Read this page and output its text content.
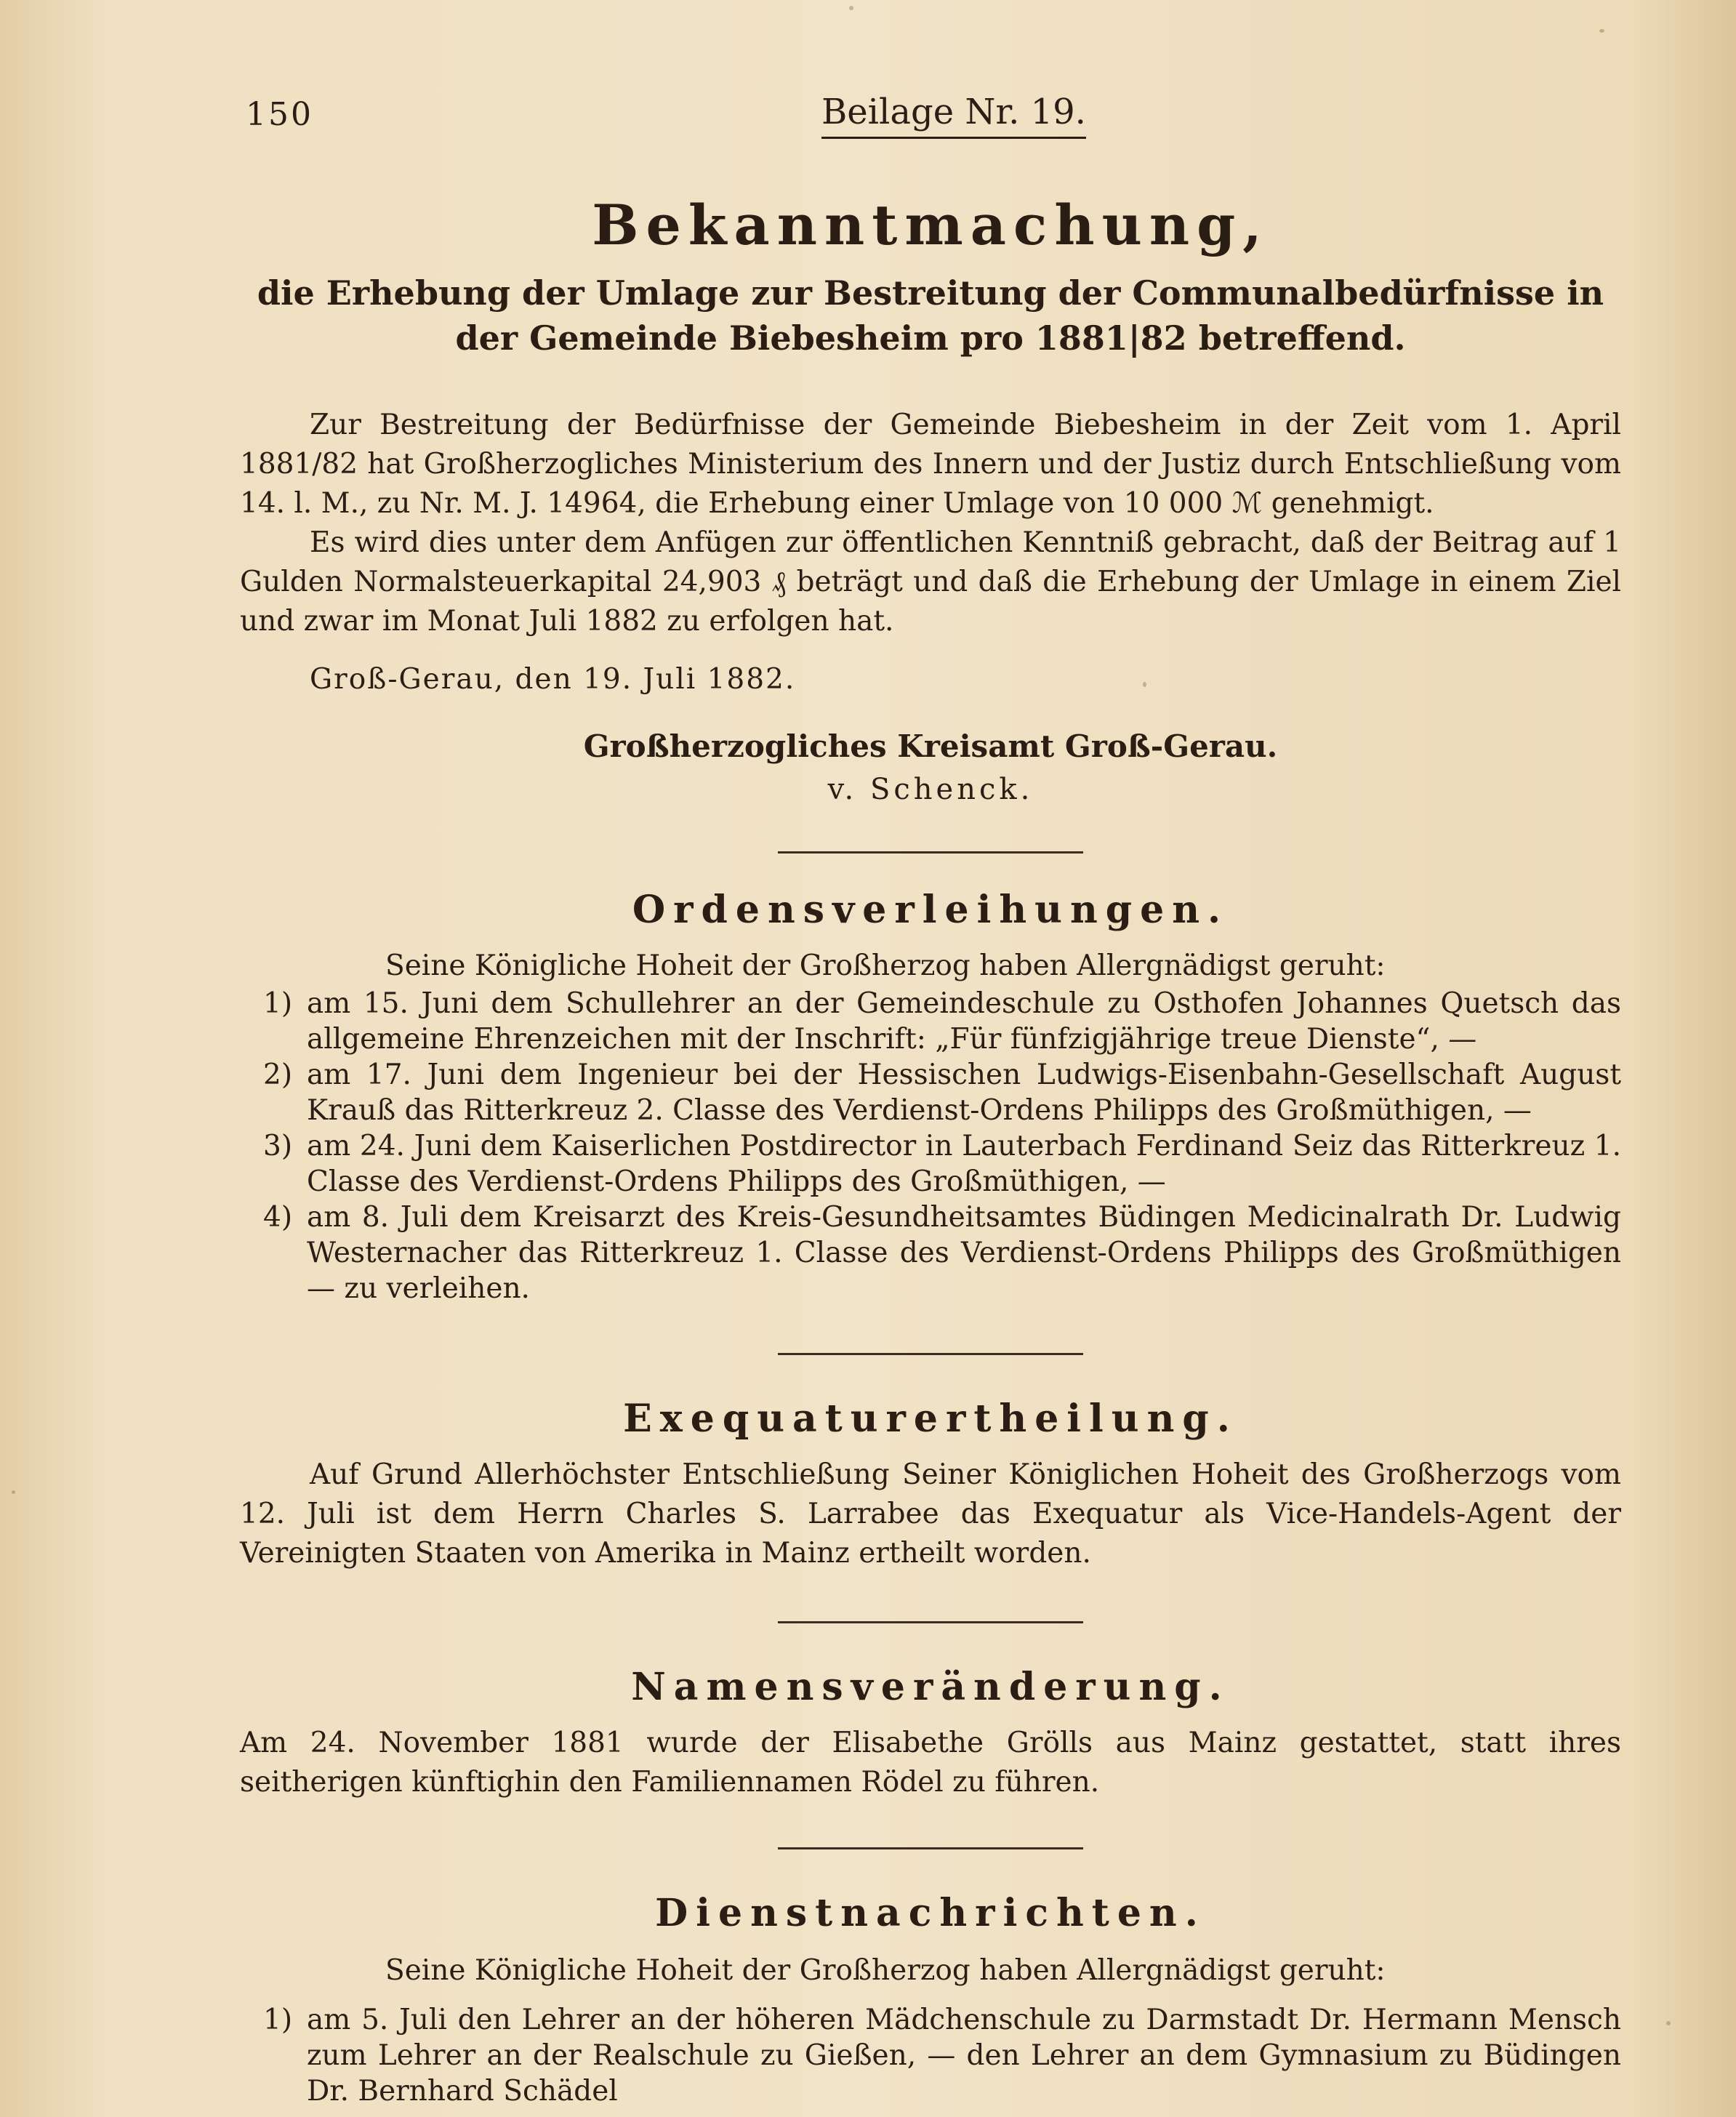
150	Beilage Nr. 19.
Bekanntmachung,
die Erhebung der Umlage zur Bestreitung der Communalbedürfnisse in der Gemeinde Biebesheim pro 1881|82 betreffend.

Zur Bestreitung der Bedürfnisse der Gemeinde Biebesheim in der Zeit vom 1. April 1881/82 hat Großherzogliches Ministerium des Innern und der Justiz durch Entschließung vom 14. l. M., zu Nr. M. J. 14964, die Erhebung einer Umlage von 10 000 ℳ genehmigt.

Es wird dies unter dem Anfügen zur öffentlichen Kenntniß gebracht, daß der Beitrag auf 1 Gulden Normalsteuerkapital 24,903 ₰ beträgt und daß die Erhebung der Umlage in einem Ziel und zwar im Monat Juli 1882 zu erfolgen hat.

Groß-Gerau, den 19. Juli 1882.

Großherzogliches Kreisamt Groß-Gerau.
v. Schenck.
Ordensverleihungen.

Seine Königliche Hoheit der Großherzog haben Allergnädigst geruht:

1) am 15. Juni dem Schullehrer an der Gemeindeschule zu Osthofen Johannes Quetsch das allgemeine Ehrenzeichen mit der Inschrift: „Für fünfzigjährige treue Dienste“, —
2) am 17. Juni dem Ingenieur bei der Hessischen Ludwigs-Eisenbahn-Gesellschaft August Krauß das Ritterkreuz 2. Classe des Verdienst-Ordens Philipps des Großmüthigen, —
3) am 24. Juni dem Kaiserlichen Postdirector in Lauterbach Ferdinand Seiz das Ritterkreuz 1. Classe des Verdienst-Ordens Philipps des Großmüthigen, —
4) am 8. Juli dem Kreisarzt des Kreis-Gesundheitsamtes Büdingen Medicinalrath Dr. Ludwig Westernacher das Ritterkreuz 1. Classe des Verdienst-Ordens Philipps des Großmüthigen — zu verleihen.
Exequaturertheilung.

Auf Grund Allerhöchster Entschließung Seiner Königlichen Hoheit des Großherzogs vom 12. Juli ist dem Herrn Charles S. Larrabee das Exequatur als Vice-Handels-Agent der Vereinigten Staaten von Amerika in Mainz ertheilt worden.

Namensveränderung.

Am 24. November 1881 wurde der Elisabethe Grölls aus Mainz gestattet, statt ihres seitherigen künftighin den Familiennamen Rödel zu führen.

Dienstnachrichten.

Seine Königliche Hoheit der Großherzog haben Allergnädigst geruht:

1) am 5. Juli den Lehrer an der höheren Mädchenschule zu Darmstadt Dr. Hermann Mensch zum Lehrer an der Realschule zu Gießen, — den Lehrer an dem Gymnasium zu Büdingen Dr. Bernhard Schädel
